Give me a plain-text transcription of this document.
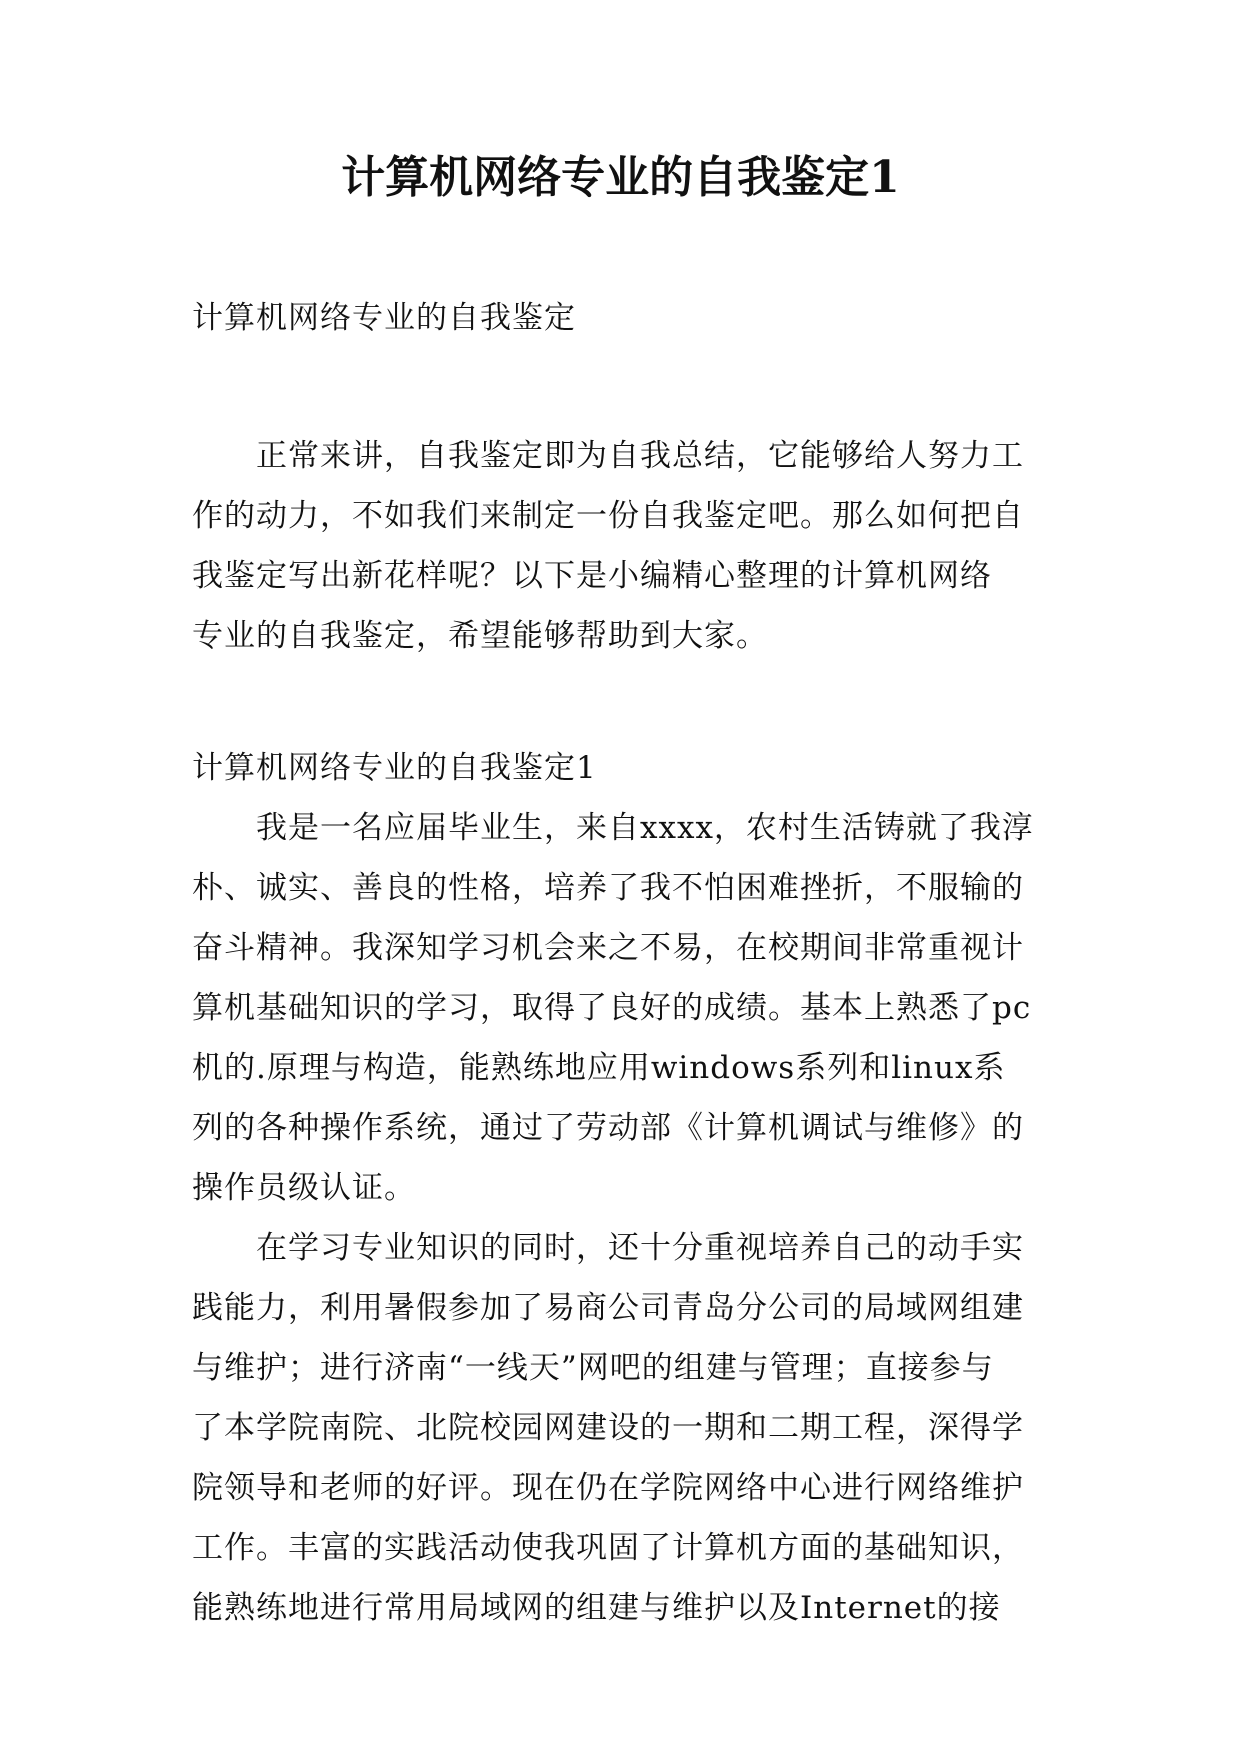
计算机网络专业的自我鉴定1

计算机网络专业的自我鉴定

正常来讲，自我鉴定即为自我总结，它能够给人努力工

作的动力，不如我们来制定一份自我鉴定吧。那么如何把自

我鉴定写出新花样呢？以下是小编精心整理的计算机网络

专业的自我鉴定，希望能够帮助到大家。

计算机网络专业的自我鉴定1

我是一名应届毕业生，来自xxxx，农村生活铸就了我淳

朴、诚实、善良的性格，培养了我不怕困难挫折，不服输的

奋斗精神。我深知学习机会来之不易，在校期间非常重视计

算机基础知识的学习，取得了良好的成绩。基本上熟悉了pc

机的.原理与构造，能熟练地应用windows系列和linux系

列的各种操作系统，通过了劳动部《计算机调试与维修》的

操作员级认证。

在学习专业知识的同时，还十分重视培养自己的动手实

践能力，利用暑假参加了易商公司青岛分公司的局域网组建

与维护；进行济南“一线天”网吧的组建与管理；直接参与

了本学院南院、北院校园网建设的一期和二期工程，深得学

院领导和老师的好评。现在仍在学院网络中心进行网络维护

工作。丰富的实践活动使我巩固了计算机方面的基础知识，

能熟练地进行常用局域网的组建与维护以及Internet的接
